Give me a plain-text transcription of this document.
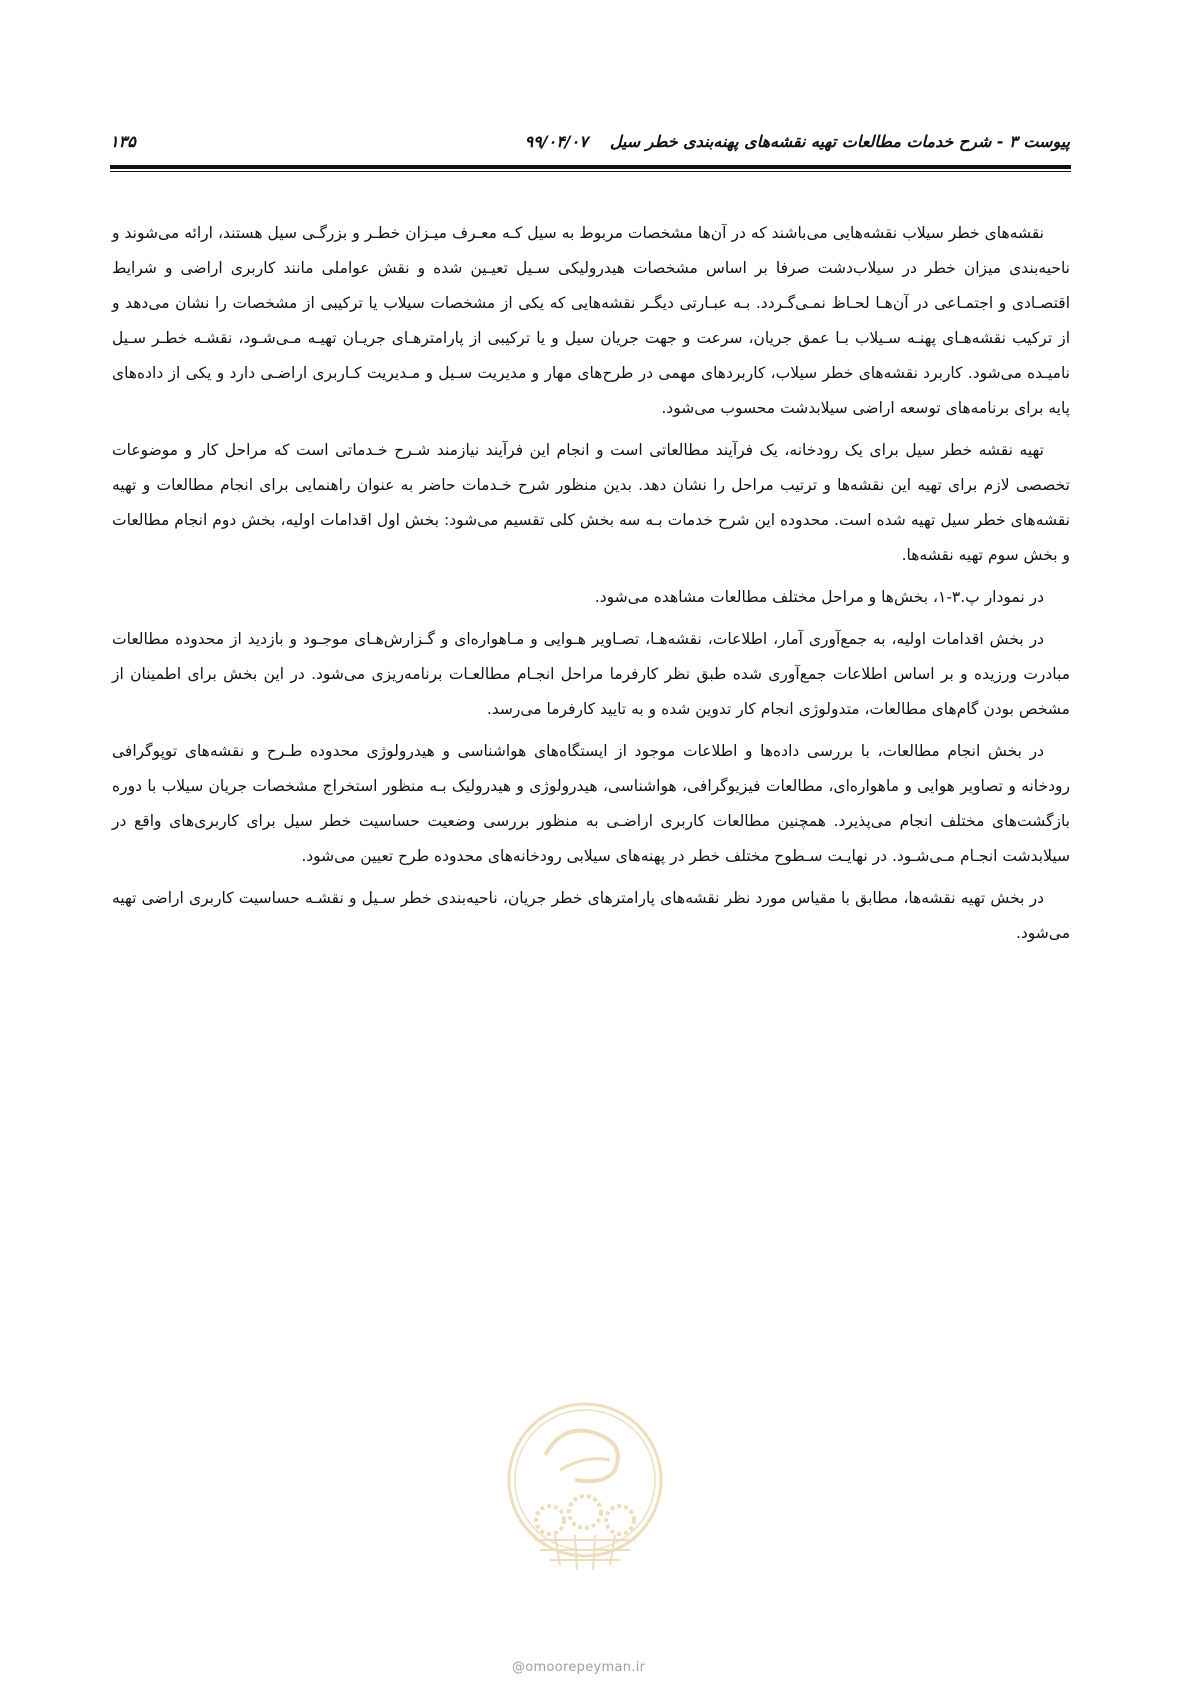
پیوست ۳ - شرح خدمات مطالعات تهیه نقشه‌های پهنه‌بندی خطر سیل۹۹/۰۴/۰۷
۱۳۵

نقشه‌های خطر سیلاب نقشه‌هایی می‌باشند که در آن‌ها مشخصات مربوط به سیل کـه معـرف میـزان خطـر و بزرگـی سیل هستند، ارائه می‌شوند و ناحیه‌بندی میزان خطر در سیلاب‌دشت صرفا بر اساس مشخصات هیدرولیکی سـیل تعیـین شده و نقش عواملی مانند کاربری اراضی و شرایط اقتصـادی و اجتمـاعی در آن‌هـا لحـاظ نمـی‌گـردد. بـه عبـارتی دیگـر نقشه‌هایی که یکی از مشخصات سیلاب یا ترکیبی از مشخصات را نشان می‌دهد و از ترکیب نقشه‌هـای پهنـه سـیلاب بـا عمق جریان، سرعت و جهت جریان سیل و یا ترکیبی از پارامترهـای جریـان تهیـه مـی‌شـود، نقشـه خطـر سـیل نامیـده می‌شود. کاربرد نقشه‌های خطر سیلاب، کاربردهای مهمی در طرح‌های مهار و مدیریت سـیل و مـدیریت کـاربری اراضـی دارد و یکی از داده‌های پایه برای برنامه‌های توسعه اراضی سیلابدشت محسوب می‌شود.

تهیه نقشه خطر سیل برای یک رودخانه، یک فرآیند مطالعاتی است و انجام این فرآیند نیازمند شـرح خـدماتی است که مراحل کار و موضوعات تخصصی لازم برای تهیه این نقشه‌ها و ترتیب مراحل را نشان دهد. بدین منظور شرح خـدمات حاضر به عنوان راهنمایی برای انجام مطالعات و تهیه نقشه‌های خطر سیل تهیه شده است. محدوده این شرح خدمات بـه سه بخش کلی تقسیم می‌شود: بخش اول اقدامات اولیه، بخش دوم انجام مطالعات و بخش سوم تهیه نقشه‌ها.

در نمودار پ.۳-۱، بخش‌ها و مراحل مختلف مطالعات مشاهده می‌شود.

در بخش اقدامات اولیه، به جمع‌آوری آمار، اطلاعات، نقشه‌هـا، تصـاویر هـوایی و مـاهواره‌ای و گـزارش‌هـای موجـود و بازدید از محدوده مطالعات مبادرت ورزیده و بر اساس اطلاعات جمع‌آوری شده طبق نظر کارفرما مراحل انجـام مطالعـات برنامه‌ریزی می‌شود. در این بخش برای اطمینان از مشخص بودن گام‌های مطالعات، متدولوژی انجام کار تدوین شده و به تایید کارفرما می‌رسد.

در بخش انجام مطالعات، با بررسی داده‌ها و اطلاعات موجود از ایستگاه‌های هواشناسی و هیدرولوژی محدوده طـرح و نقشه‌های توپوگرافی رودخانه و تصاویر هوایی و ماهواره‌ای، مطالعات فیزیوگرافی، هواشناسی، هیدرولوژی و هیدرولیک بـه منظور استخراج مشخصات جریان سیلاب با دوره بازگشت‌های مختلف انجام می‌پذیرد. همچنین مطالعات کاربری اراضـی به منظور بررسی وضعیت حساسیت خطر سیل برای کاربری‌های واقع در سیلابدشت انجـام مـی‌شـود. در نهایـت سـطوح مختلف خطر در پهنه‌های سیلابی رودخانه‌های محدوده طرح تعیین می‌شود.

در بخش تهیه نقشه‌ها، مطابق با مقیاس مورد نظر نقشه‌های پارامترهای خطر جریان، ناحیه‌بندی خطر سـیل و نقشـه حساسیت کاربری اراضی تهیه می‌شود.

@omoorepeyman.ir
